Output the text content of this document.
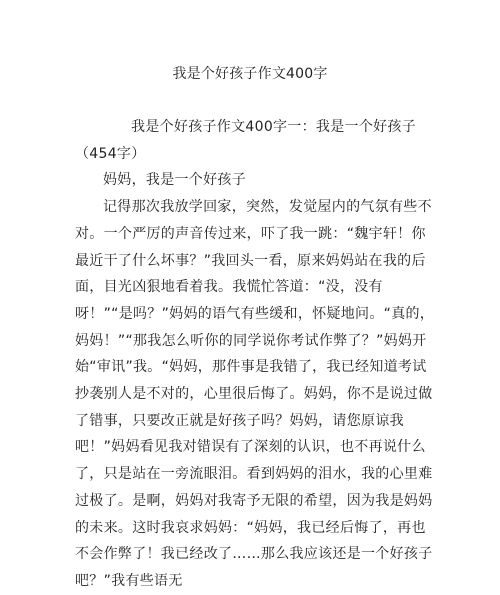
我是个好孩子作文400字

我是个好孩子作文400字一：我是一个好孩子（454字）

妈妈，我是一个好孩子

记得那次我放学回家，突然，发觉屋内的气氛有些不对。一个严厉的声音传过来，吓了我一跳：“魏宇轩！你最近干了什么坏事？”我回头一看，原来妈妈站在我的后面，目光凶狠地看着我。我慌忙答道：“没，没有呀！”“是吗？”妈妈的语气有些缓和，怀疑地问。“真的，妈妈！”“那我怎么听你的同学说你考试作弊了？”妈妈开始“审讯”我。“妈妈，那件事是我错了，我已经知道考试抄袭别人是不对的，心里很后悔了。妈妈，你不是说过做了错事，只要改正就是好孩子吗？妈妈，请您原谅我吧！”妈妈看见我对错误有了深刻的认识，也不再说什么了，只是站在一旁流眼泪。看到妈妈的泪水，我的心里难过极了。是啊，妈妈对我寄予无限的希望，因为我是妈妈的未来。这时我哀求妈妈：“妈妈，我已经后悔了，再也不会作弊了！我已经改了……那么我应该还是一个好孩子吧？”我有些语无
